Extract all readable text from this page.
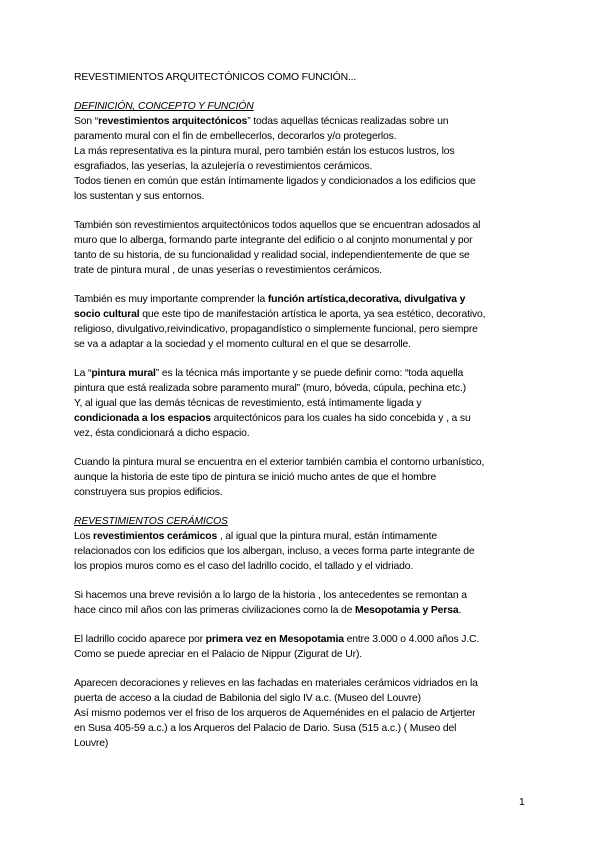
REVESTIMIENTOS ARQUITECTÓNICOS COMO FUNCIÓN...
DEFINICIÓN, CONCEPTO Y FUNCIÓN
Son “revestimientos arquitectónicos” todas aquellas técnicas realizadas sobre un
paramento mural con el fin de embellecerlos, decorarlos y/o protegerlos.
La más representativa es la pintura mural, pero también están los estucos lustros, los
esgrafiados, las yeserías, la azulejería o revestimientos cerámicos.
Todos tienen en común que están íntimamente ligados y condicionados a los edificios que
los sustentan y sus entornos.
También son revestimientos arquitectónicos todos aquellos que se encuentran adosados al
muro que lo alberga, formando parte integrante del edificio o al conjnto monumental y por
tanto de su historia, de su funcionalidad y realidad social, independientemente de que se
trate de pintura mural , de unas yeserías o revestimientos cerámicos.
También es muy importante comprender la función artística,decorativa, divulgativa y
socio cultural que este tipo de manifestación artística le aporta, ya sea estético, decorativo,
religioso, divulgativo,reivindicativo, propagandístico o simplemente funcional, pero siempre
se va a adaptar a la sociedad y el momento cultural en el que se desarrolle.
La “pintura mural” es la técnica más importante y se puede definir como: “toda aquella
pintura que está realizada sobre paramento mural” (muro, bóveda, cúpula, pechina etc.)
Y, al igual que las demás técnicas de revestimiento, está íntimamente ligada y
condicionada a los espacios arquitectónicos para los cuales ha sido concebida y , a su
vez, ésta condicionará a dicho espacio.
Cuando la pintura mural se encuentra en el exterior también cambia el contorno urbanístico,
aunque la historia de este tipo de pintura se inició mucho antes de que el hombre
construyera sus propios edificios.
REVESTIMIENTOS CERÁMICOS
Los revestimientos cerámicos , al igual que la pintura mural, están íntimamente
relacionados con los edificios que los albergan, incluso, a veces forma parte integrante de
los propios muros como es el caso del ladrillo cocido, el tallado y el vidriado.
Si hacemos una breve revisión a lo largo de la historia , los antecedentes se remontan a
hace cinco mil años con las primeras civilizaciones como la de Mesopotamia y Persa.
El ladrillo cocido aparece por primera vez en Mesopotamia entre 3.000 o 4.000 años J.C.
Como se puede apreciar en el Palacio de Nippur (Zigurat de Ur).
Aparecen decoraciones y relieves en las fachadas en materiales cerámicos vidriados en la
puerta de acceso a la ciudad de Babilonia del siglo IV a.c. (Museo del Louvre)
Así mismo podemos ver el friso de los arqueros de Aqueménides en el palacio de Artjerter
en Susa 405-59 a.c.) a los Arqueros del Palacio de Dario. Susa (515 a.c.) ( Museo del
Louvre)
1
